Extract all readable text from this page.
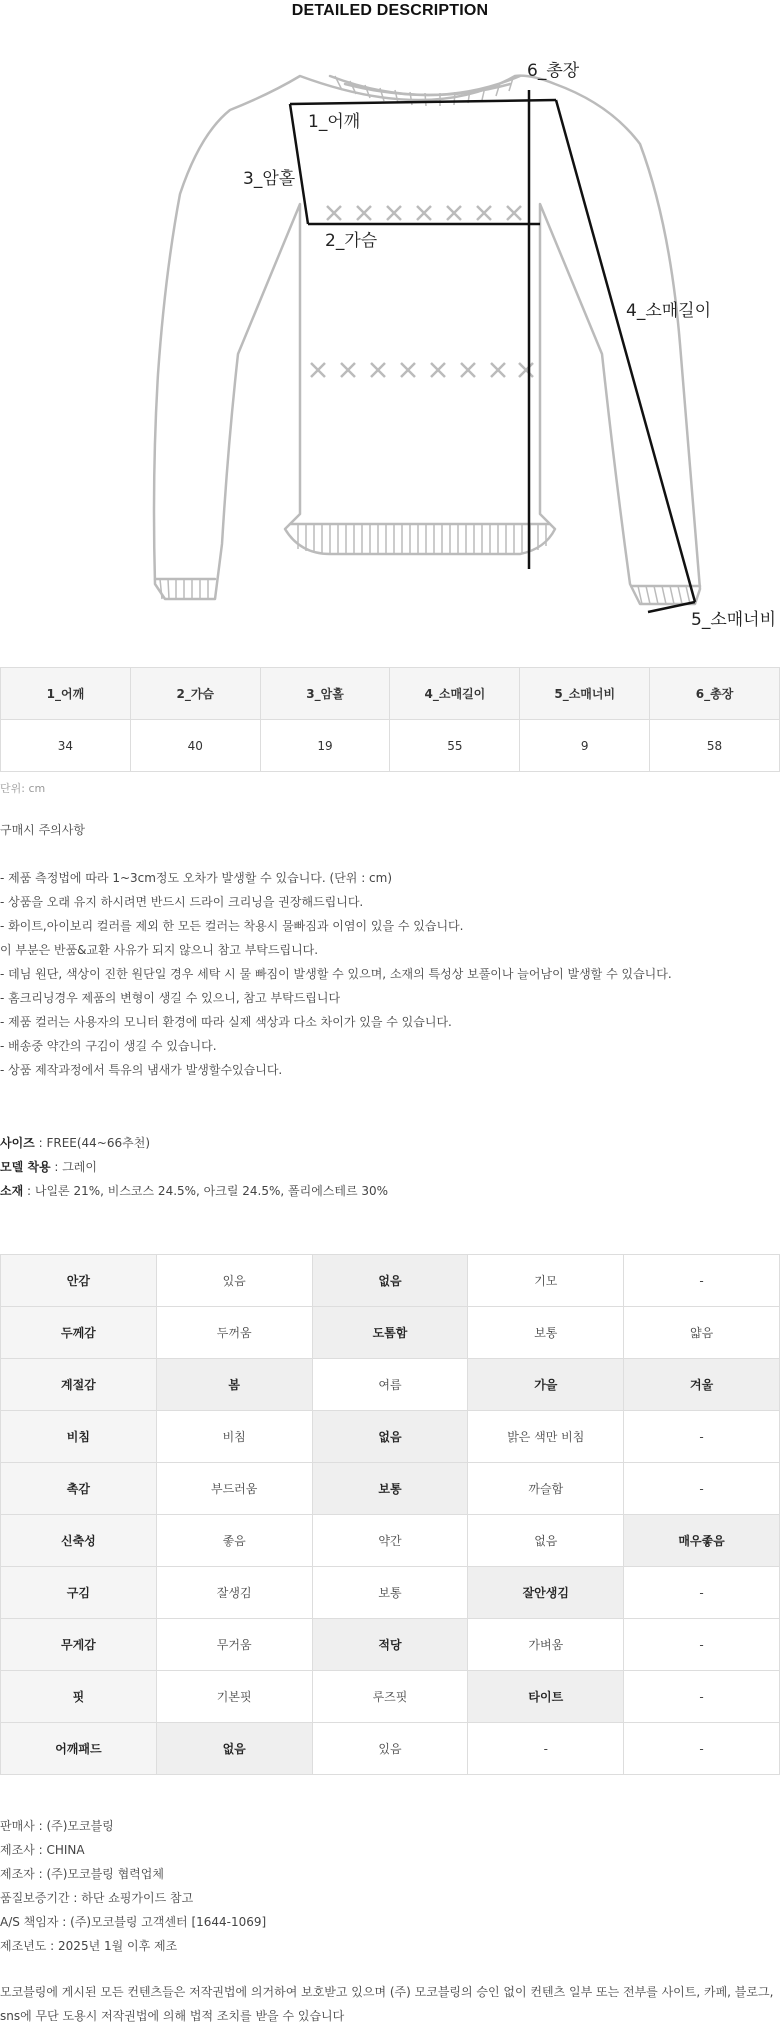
DETAILED DESCRIPTION
1_어깨
2_가슴
3_암홀
4_소매길이
5_소매너비
6_총장
1_어깨	2_가슴	3_암홀	4_소매길이	5_소매너비	6_총장
34	40	19	55	9	58
단위: cm
구매시 주의사항
- 제품 측정법에 따라 1~3cm정도 오차가 발생할 수 있습니다. (단위 : cm)
- 상품을 오래 유지 하시려면 반드시 드라이 크리닝을 권장해드립니다.
- 화이트,아이보리 컬러를 제외 한 모든 컬러는 착용시 물빠짐과 이염이 있을 수 있습니다.
이 부분은 반품&교환 사유가 되지 않으니 참고 부탁드립니다.
- 데님 원단, 색상이 진한 원단일 경우 세탁 시 물 빠짐이 발생할 수 있으며, 소재의 특성상 보풀이나 늘어남이 발생할 수 있습니다.
- 홈크리닝경우 제품의 변형이 생길 수 있으니, 참고 부탁드립니다
- 제품 컬러는 사용자의 모니터 환경에 따라 실제 색상과 다소 차이가 있을 수 있습니다.
- 배송중 약간의 구김이 생길 수 있습니다.
- 상품 제작과정에서 특유의 냄새가 발생할수있습니다.
사이즈 : FREE(44~66추천)
모델 착용 : 그레이
소재 : 나일론 21%, 비스코스 24.5%, 아크릴 24.5%, 폴리에스테르 30%
안감	있음	없음	기모	-
두께감	두꺼움	도톰함	보통	얇음
계절감	봄	여름	가을	겨울
비침	비침	없음	밝은 색만 비침	-
촉감	부드러움	보통	까슬함	-
신축성	좋음	약간	없음	매우좋음
구김	잘생김	보통	잘안생김	-
무게감	무거움	적당	가벼움	-
핏	기본핏	루즈핏	타이트	-
어깨패드	없음	있음	-	-
판매사 : (주)모코블링
제조사 : CHINA
제조자 : (주)모코블링 협력업체
품질보증기간 : 하단 쇼핑가이드 참고
A/S 책임자 : (주)모코블링 고객센터 [1644-1069]
제조년도 : 2025년 1월 이후 제조
모코블링에 게시된 모든 컨텐츠들은 저작권법에 의거하여 보호받고 있으며 (주) 모코블링의 승인 없이 컨텐츠 일부 또는 전부를 사이트, 카페, 블로그, sns에 무단 도용시 저작권법에 의해 법적 조치를 받을 수 있습니다
